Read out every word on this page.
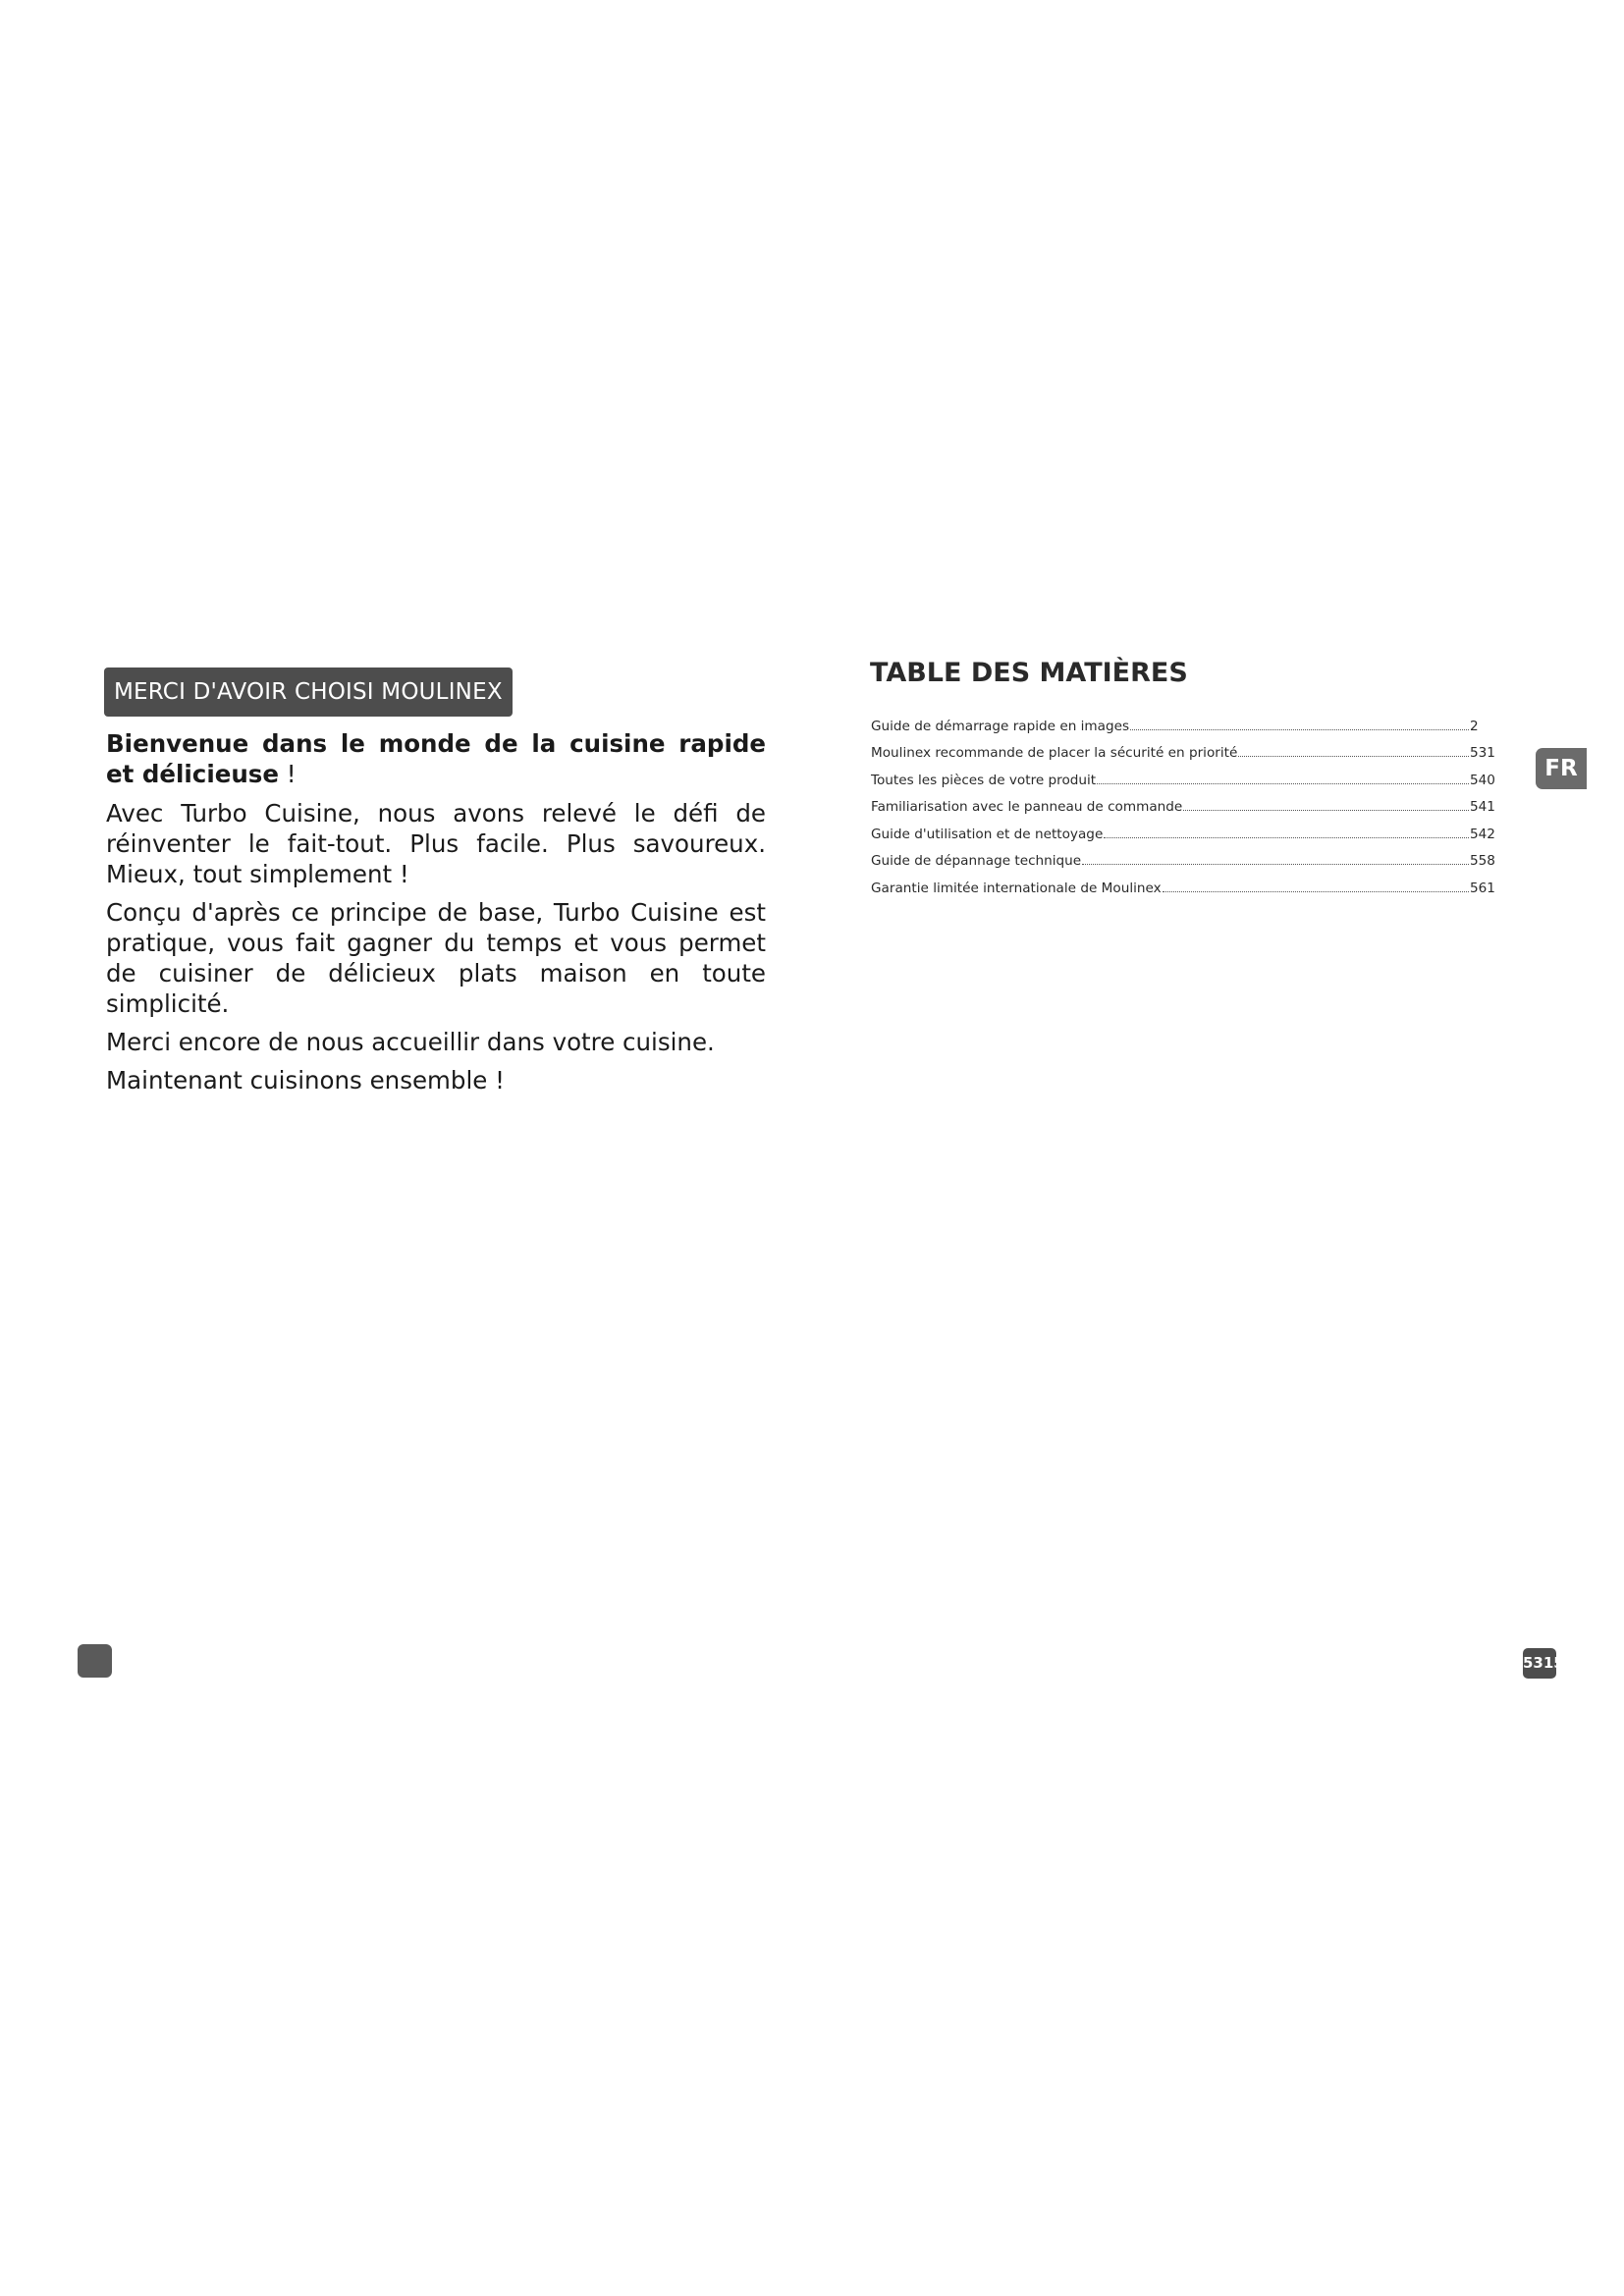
MERCI D'AVOIR CHOISI MOULINEX

Bienvenue dans le monde de la cuisine rapide et délicieuse !

Avec Turbo Cuisine, nous avons relevé le défi de réinventer le fait-tout. Plus facile. Plus savoureux. Mieux, tout simplement !

Conçu d'après ce principe de base, Turbo Cuisine est pratique, vous fait gagner du temps et vous permet de cuisiner de délicieux plats maison en toute simplicité.

Merci encore de nous accueillir dans votre cuisine.

Maintenant cuisinons ensemble !

TABLE DES MATIÈRES
Guide de démarrage rapide en images	2
Moulinex recommande de placer la sécurité en priorité	531
Toutes les pièces de votre produit	540
Familiarisation avec le panneau de commande	541
Guide d'utilisation et de nettoyage	542
Guide de dépannage technique	558
Garantie limitée internationale de Moulinex	561
FR
5315
